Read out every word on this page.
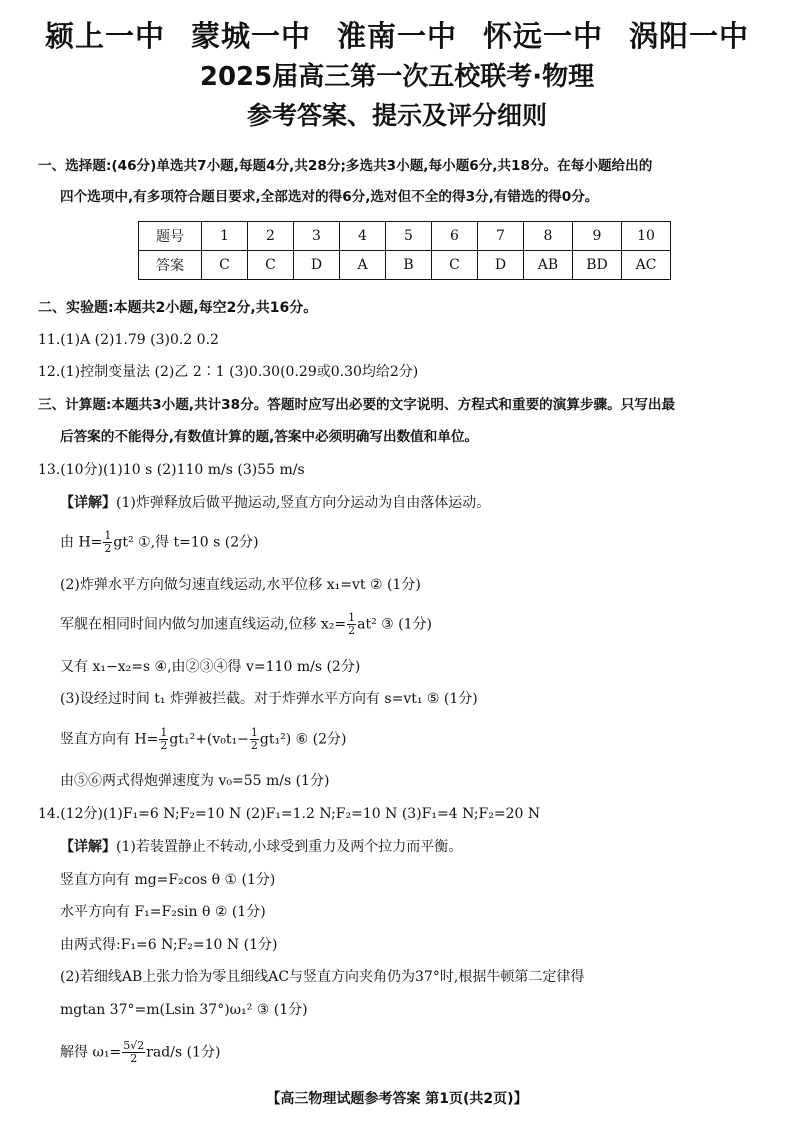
颍上一中 蒙城一中 淮南一中 怀远一中 涡阳一中
2025届高三第一次五校联考·物理
参考答案、提示及评分细则
一、选择题:(46分)单选共7小题,每题4分,共28分;多选共3小题,每小题6分,共18分。在每小题给出的
四个选项中,有多项符合题目要求,全部选对的得6分,选对但不全的得3分,有错选的得0分。
题号	1	2	3	4	5	6	7	8	9	10
答案	C	C	D	A	B	C	D	AB	BD	AC
二、实验题:本题共2小题,每空2分,共16分。
11.(1)A (2)1.79 (3)0.2 0.2
12.(1)控制变量法 (2)乙 2∶1 (3)0.30(0.29或0.30均给2分)
三、计算题:本题共3小题,共计38分。答题时应写出必要的文字说明、方程式和重要的演算步骤。只写出最
后答案的不能得分,有数值计算的题,答案中必须明确写出数值和单位。
13.(10分)(1)10 s (2)110 m/s (3)55 m/s
【详解】(1)炸弹释放后做平抛运动,竖直方向分运动为自由落体运动。
由 $H= \frac{1}{2} gt^2$ ①,得 t=10 s (2分)
(2)炸弹水平方向做匀速直线运动,水平位移 x₁=vt ② (1分)
军舰在相同时间内做匀加速直线运动,位移 $x_2= \frac{1}{2} at^2$ ③ (1分)
又有 x₁−x₂=s ④,由②③④得 v=110 m/s (2分)
(3)设经过时间 t₁ 炸弹被拦截。对于炸弹水平方向有 s=vt₁ ⑤ (1分)
竖直方向有 $H= \frac{1}{2} gt_1^2+(v_0t_1- \frac{1}{2} gt_1^2)$ ⑥ (2分)
由⑤⑥两式得炮弹速度为 v₀=55 m/s (1分)
14.(12分)(1)F₁=6 N;F₂=10 N (2)F₁=1.2 N;F₂=10 N (3)F₁=4 N;F₂=20 N
【详解】(1)若装置静止不转动,小球受到重力及两个拉力而平衡。
竖直方向有 mg=F₂cos θ ① (1分)
水平方向有 F₁=F₂sin θ ② (1分)
由两式得:F₁=6 N;F₂=10 N (1分)
(2)若细线AB上张力恰为零且细线AC与竖直方向夹角仍为37°时,根据牛顿第二定律得
mgtan 37°=m(Lsin 37°)ω₁² ③ (1分)
解得 $\omega_1= \frac{5√2}{2} rad/s$ (1分)
【高三物理试题参考答案 第1页(共2页)】
